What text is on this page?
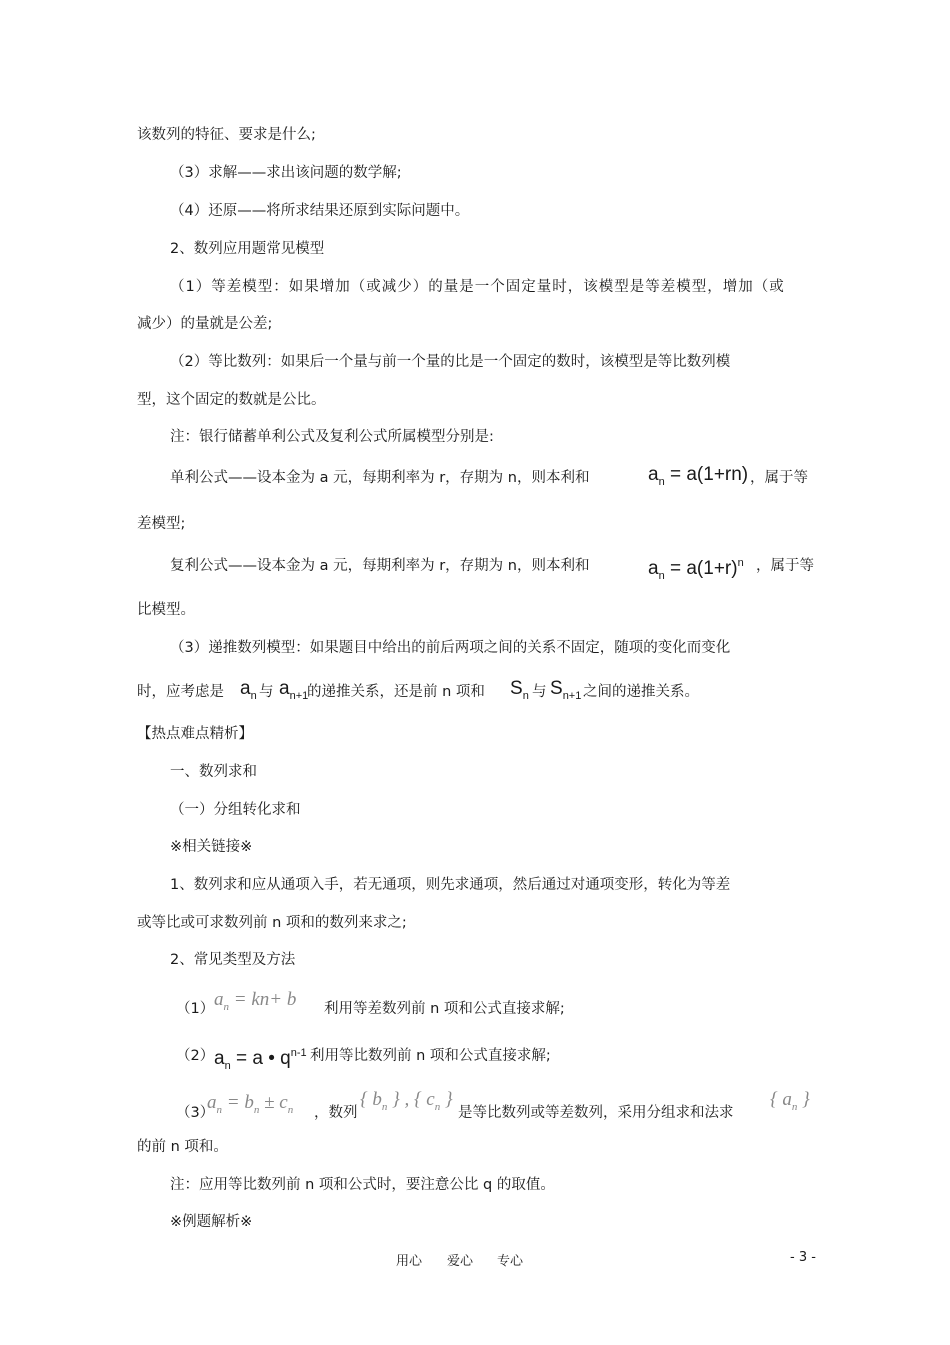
该数列的特征、要求是什么;
（3）求解——求出该问题的数学解;
（4）还原——将所求结果还原到实际问题中。
2、数列应用题常见模型
（1）等差模型：如果增加（或减少）的量是一个固定量时，该模型是等差模型，增加（或
减少）的量就是公差;
（2）等比数列：如果后一个量与前一个量的比是一个固定的数时，该模型是等比数列模
型，这个固定的数就是公比。
注：银行储蓄单利公式及复利公式所属模型分别是:
单利公式——设本金为 a 元，每期利率为 r，存期为 n，则本利和	$a_n = a(1+rn)$ ，属于等
差模型;
复利公式——设本金为 a 元，每期利率为 r，存期为 n，则本利和	$a_n = a(1+r)^n$ ，属于等
比模型。
（3）递推数列模型：如果题目中给出的前后两项之间的关系不固定，随项的变化而变化
时，应考虑是 $a_n$ 与 $a_{n+1}$
的递推关系，还是前 n 项和 $S_n$ 与 $S_{n+1}$ 之间的递推关系。
【热点难点精析】
一、数列求和
（一）分组转化求和
※相关链接※
1、数列求和应从通项入手，若无通项，则先求通项，然后通过对通项变形，转化为等差
或等比或可求数列前 n 项和的数列来求之;
2、常见类型及方法
（1） $a_n = kn+ b$ 利用等差数列前 n 项和公式直接求解;
（2） $a_n = a$ • $q^{n-1}$ 利用等比数列前 n 项和公式直接求解;
（3）
$a_n = b_n \pm c_n$ ，数列
{ $b_n$ } , { $c_n$ }
是等比数列或等差数列，采用分组求和法求
{ $a_n$ }
的前 n 项和。
注：应用等比数列前 n 项和公式时，要注意公比 q 的取值。
※例题解析※
用心 爱心 专心	- 3 -
